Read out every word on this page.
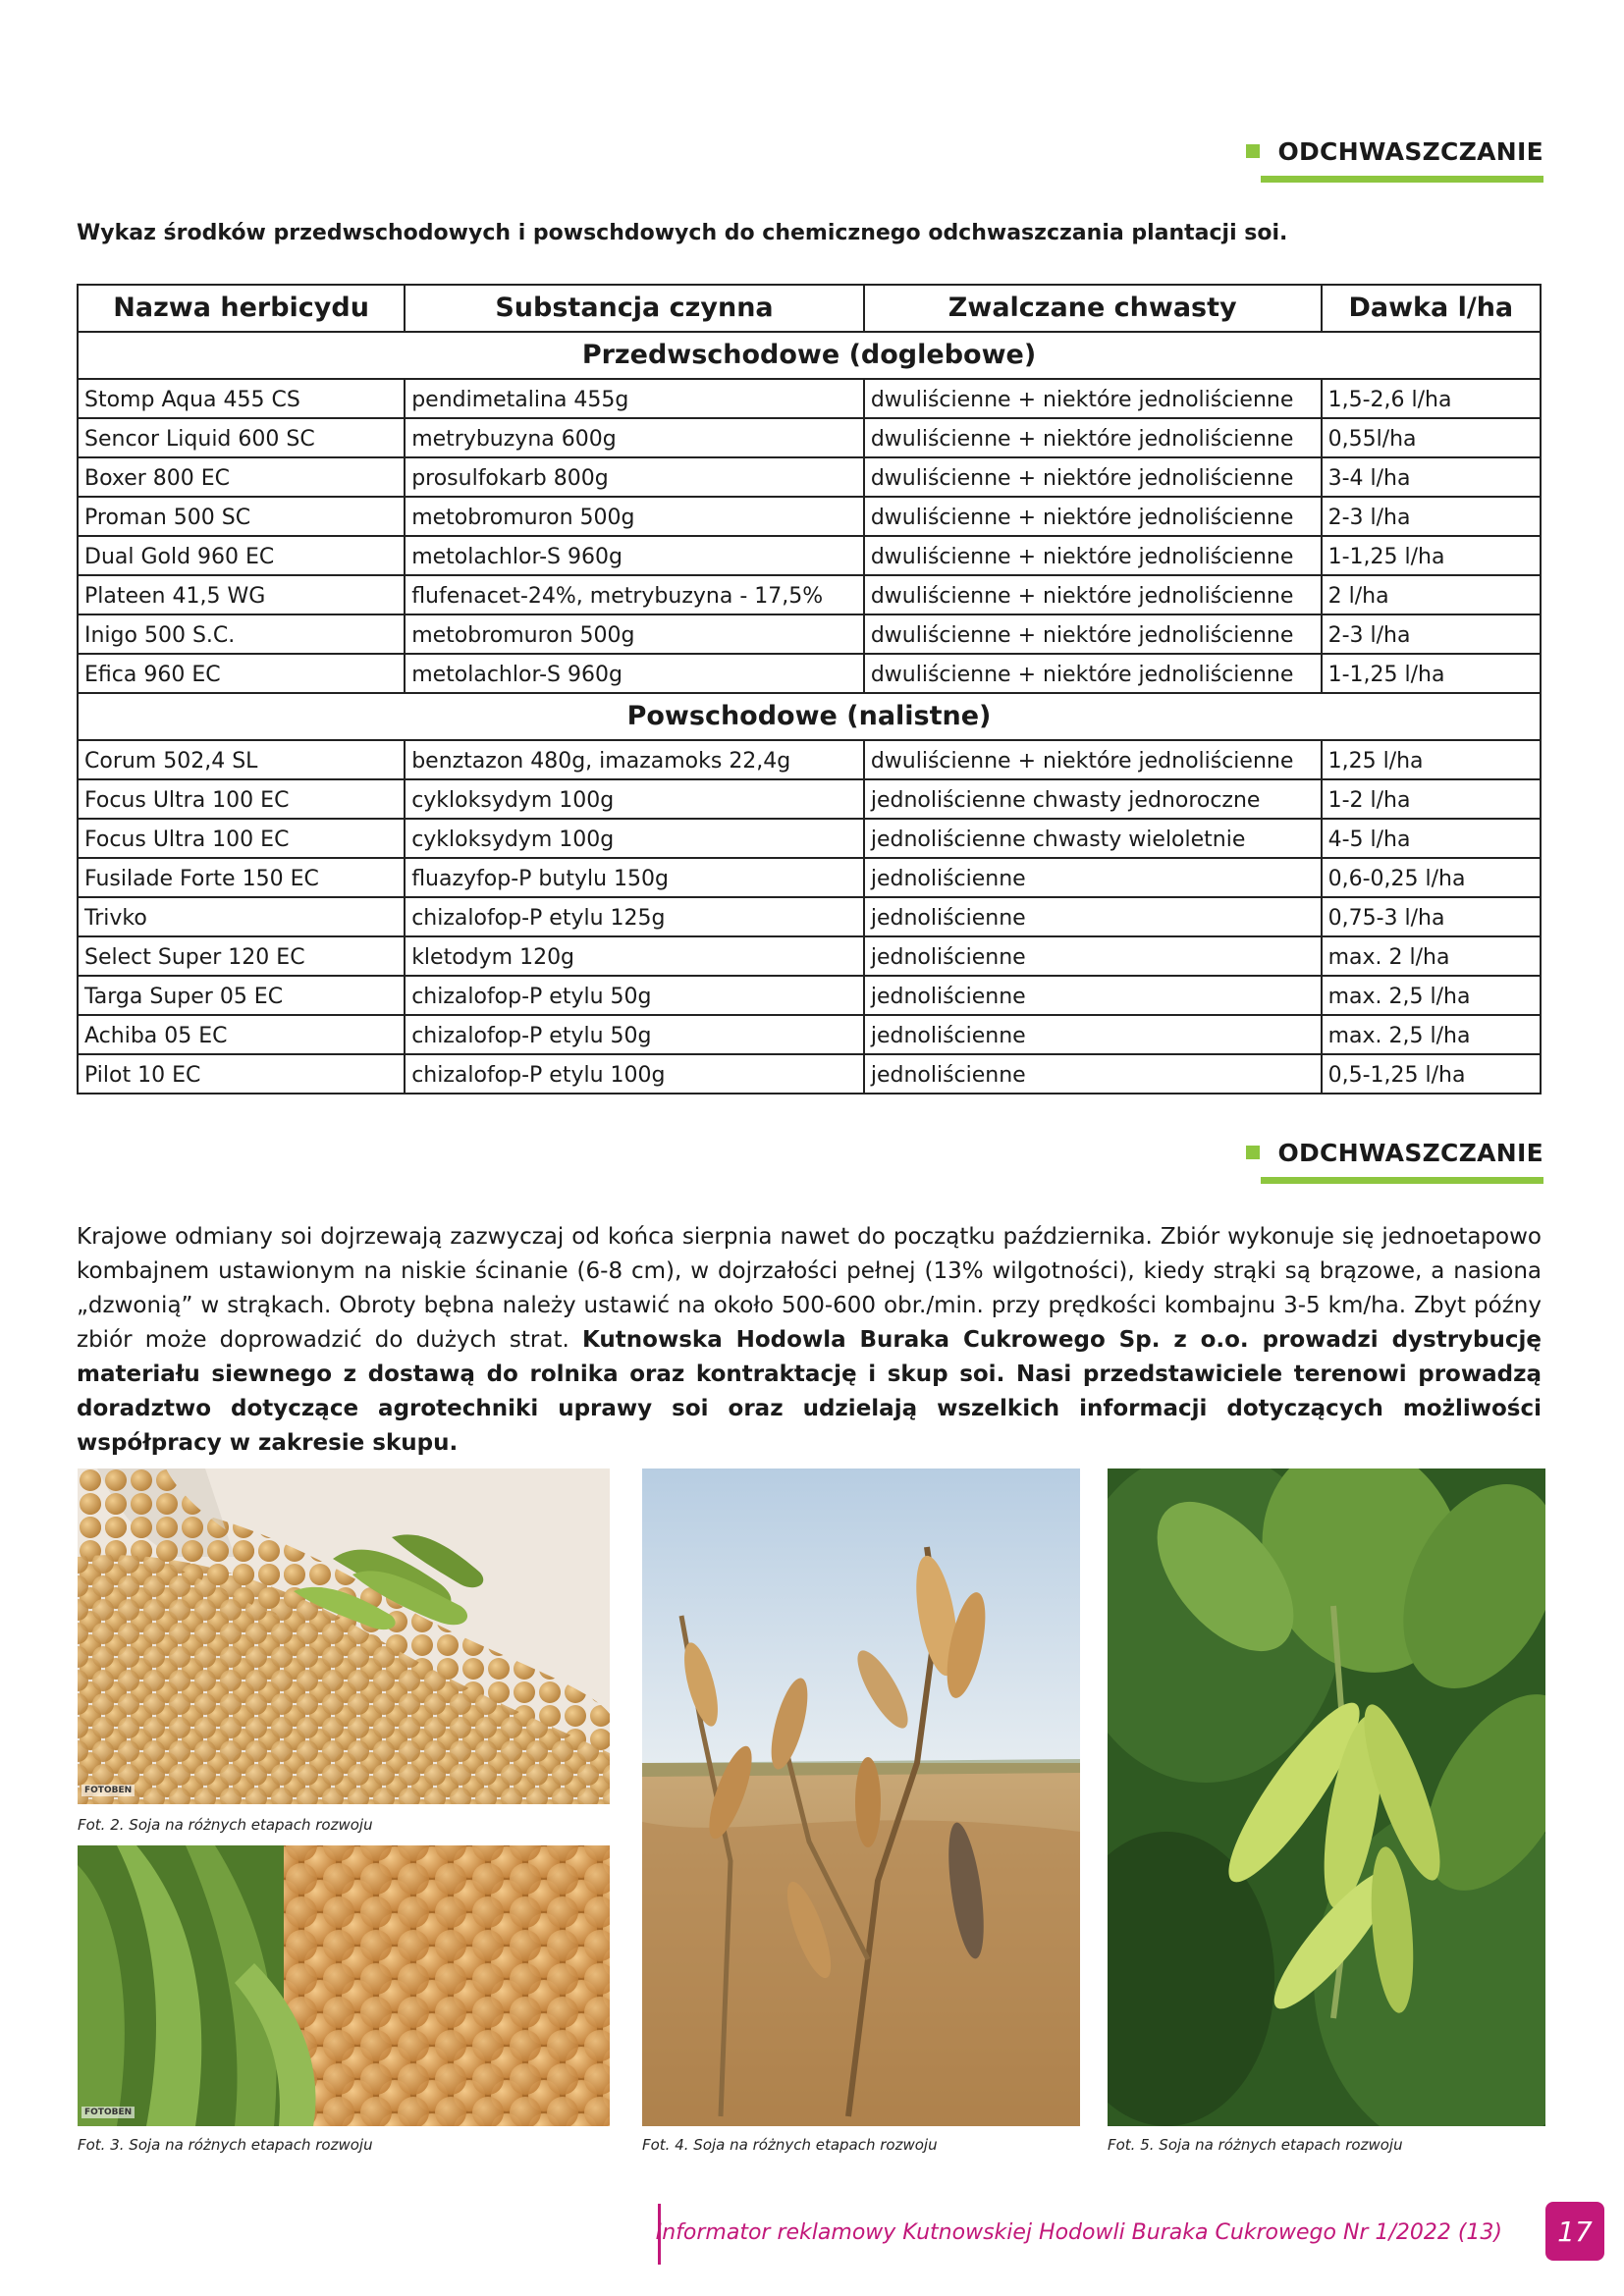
ODCHWASZCZANIE
Wykaz środków przedwschodowych i powschdowych do chemicznego odchwaszczania plantacji soi.
Nazwa herbicydu	Substancja czynna	Zwalczane chwasty	Dawka l/ha
Przedwschodowe (doglebowe)			
Stomp Aqua 455 CS	pendimetalina 455g	dwuliścienne + niektóre jednoliścienne	1,5-2,6 l/ha
Sencor Liquid 600 SC	metrybuzyna 600g	dwuliścienne + niektóre jednoliścienne	0,55l/ha
Boxer 800 EC	prosulfokarb 800g	dwuliścienne + niektóre jednoliścienne	3-4 l/ha
Proman 500 SC	metobromuron 500g	dwuliścienne + niektóre jednoliścienne	2-3 l/ha
Dual Gold 960 EC	metolachlor-S 960g	dwuliścienne + niektóre jednoliścienne	1-1,25 l/ha
Plateen 41,5 WG	flufenacet-24%, metrybuzyna - 17,5%	dwuliścienne + niektóre jednoliścienne	2 l/ha
Inigo 500 S.C.	metobromuron 500g	dwuliścienne + niektóre jednoliścienne	2-3 l/ha
Efica 960 EC	metolachlor-S 960g	dwuliścienne + niektóre jednoliścienne	1-1,25 l/ha
Powschodowe (nalistne)			
Corum 502,4 SL	benztazon 480g, imazamoks 22,4g	dwuliścienne + niektóre jednoliścienne	1,25 l/ha
Focus Ultra 100 EC	cykloksydym 100g	jednoliścienne chwasty jednoroczne	1-2 l/ha
Focus Ultra 100 EC	cykloksydym 100g	jednoliścienne chwasty wieloletnie	4-5 l/ha
Fusilade Forte 150 EC	fluazyfop-P butylu 150g	jednoliścienne	0,6-0,25 l/ha
Trivko	chizalofop-P etylu 125g	jednoliścienne	0,75-3 l/ha
Select Super 120 EC	kletodym 120g	jednoliścienne	max. 2 l/ha
Targa Super 05 EC	chizalofop-P etylu 50g	jednoliścienne	max. 2,5 l/ha
Achiba 05 EC	chizalofop-P etylu 50g	jednoliścienne	max. 2,5 l/ha
Pilot 10 EC	chizalofop-P etylu 100g	jednoliścienne	0,5-1,25 l/ha
ODCHWASZCZANIE
Krajowe odmiany soi dojrzewają zazwyczaj od końca sierpnia nawet do początku października. Zbiór wykonuje się jednoetapowo kombajnem ustawionym na niskie ścinanie (6-8 cm), w dojrzałości pełnej (13% wilgotności), kiedy strąki są brązowe, a nasiona „dzwonią” w strąkach. Obroty bębna należy ustawić na około 500-600 obr./min. przy prędkości kombajnu 3-5 km/ha. Zbyt późny zbiór może doprowadzić do dużych strat. Kutnowska Hodowla Buraka Cukrowego Sp. z o.o. prowadzi dystrybucję materiału siewnego z dostawą do rolnika oraz kontraktację i skup soi. Nasi przedstawiciele terenowi prowadzą doradztwo dotyczące agrotechniki uprawy soi oraz udzielają wszelkich informacji dotyczących możliwości współpracy w zakresie skupu.
FOTOBEN
Fot. 2. Soja na różnych etapach rozwoju
FOTOBEN
Fot. 3. Soja na różnych etapach rozwoju	Fot. 4. Soja na różnych etapach rozwoju	Fot. 5. Soja na różnych etapach rozwoju
Informator reklamowy Kutnowskiej Hodowli Buraka Cukrowego Nr 1/2022 (13)	17
